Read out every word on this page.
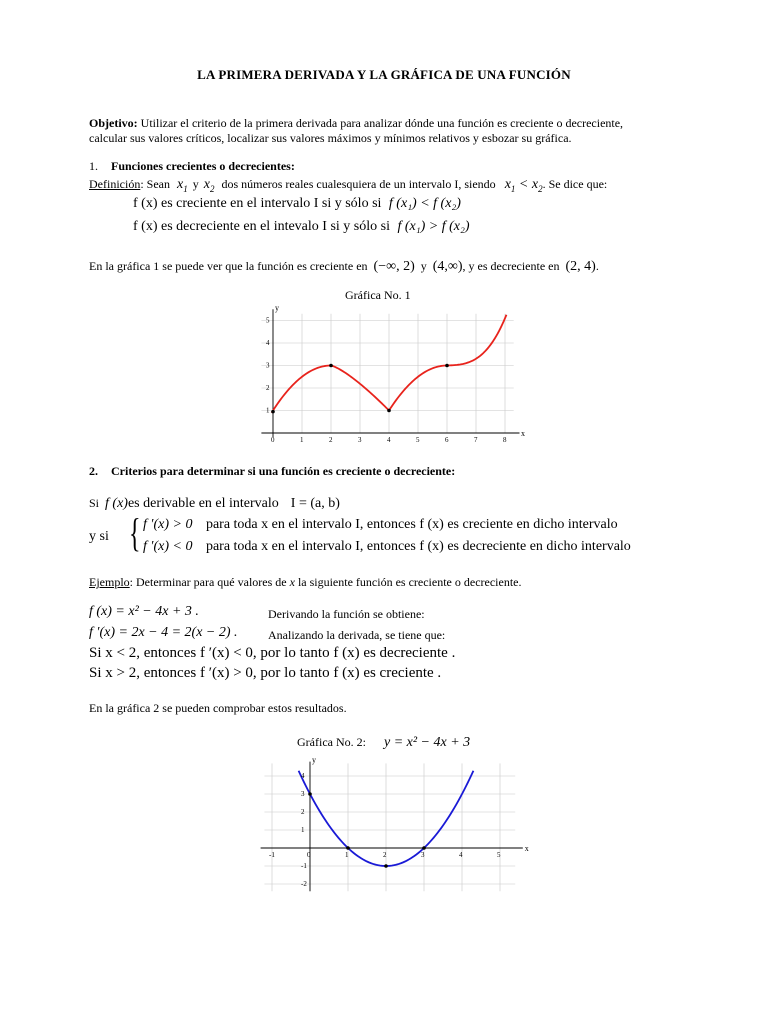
LA PRIMERA DERIVADA Y LA GRÁFICA DE UNA FUNCIÓN
Objetivo: Utilizar el criterio de la primera derivada para analizar dónde una función es creciente o decreciente,
calcular sus valores críticos, localizar sus valores máximos y mínimos relativos y esbozar su gráfica.
1. Funciones crecientes o decrecientes:
Definición: Sean $x_1$ y $x_2$ dos números reales cualesquiera de un intervalo I, siendo $x_1 < x_2$. Se dice que:
f (x) es creciente en el intervalo I si y sólo si f (x₁) < f (x₂)
f (x) es decreciente en el intevalo I si y sólo si f (x₁) > f (x₂)
En la gráfica 1 se puede ver que la función es creciente en (−∞, 2) y (4,∞), y es decreciente en (2, 4).
Gráfica No. 1
1	2	3	4	5	6	7	8
1
2
3
4
5
0
x
y
2. Criterios para determinar si una función es creciente o decreciente:
Si f (x)es derivable en el intervalo I = (a, b)
y si { f ′(x) > 0 para toda x en el intervalo I, entonces f (x) es creciente en dicho intervalo
f ′(x) < 0 para toda x en el intervalo I, entonces f (x) es decreciente en dicho intervalo
Ejemplo: Determinar para qué valores de x la siguiente función es creciente o decreciente.
f (x) = x² − 4x + 3 .	Derivando la función se obtiene:
f ′(x) = 2x − 4 = 2(x − 2) .	Analizando la derivada, se tiene que:
Si x < 2, entonces f ′(x) < 0, por lo tanto f (x) es decreciente .
Si x > 2, entonces f ′(x) > 0, por lo tanto f (x) es creciente .
En la gráfica 2 se pueden comprobar estos resultados.
Gráfica No. 2: y = x² − 4x + 3
-1	1	2	3	4	5
4
3
2
1
-1
-2
0
x
y
